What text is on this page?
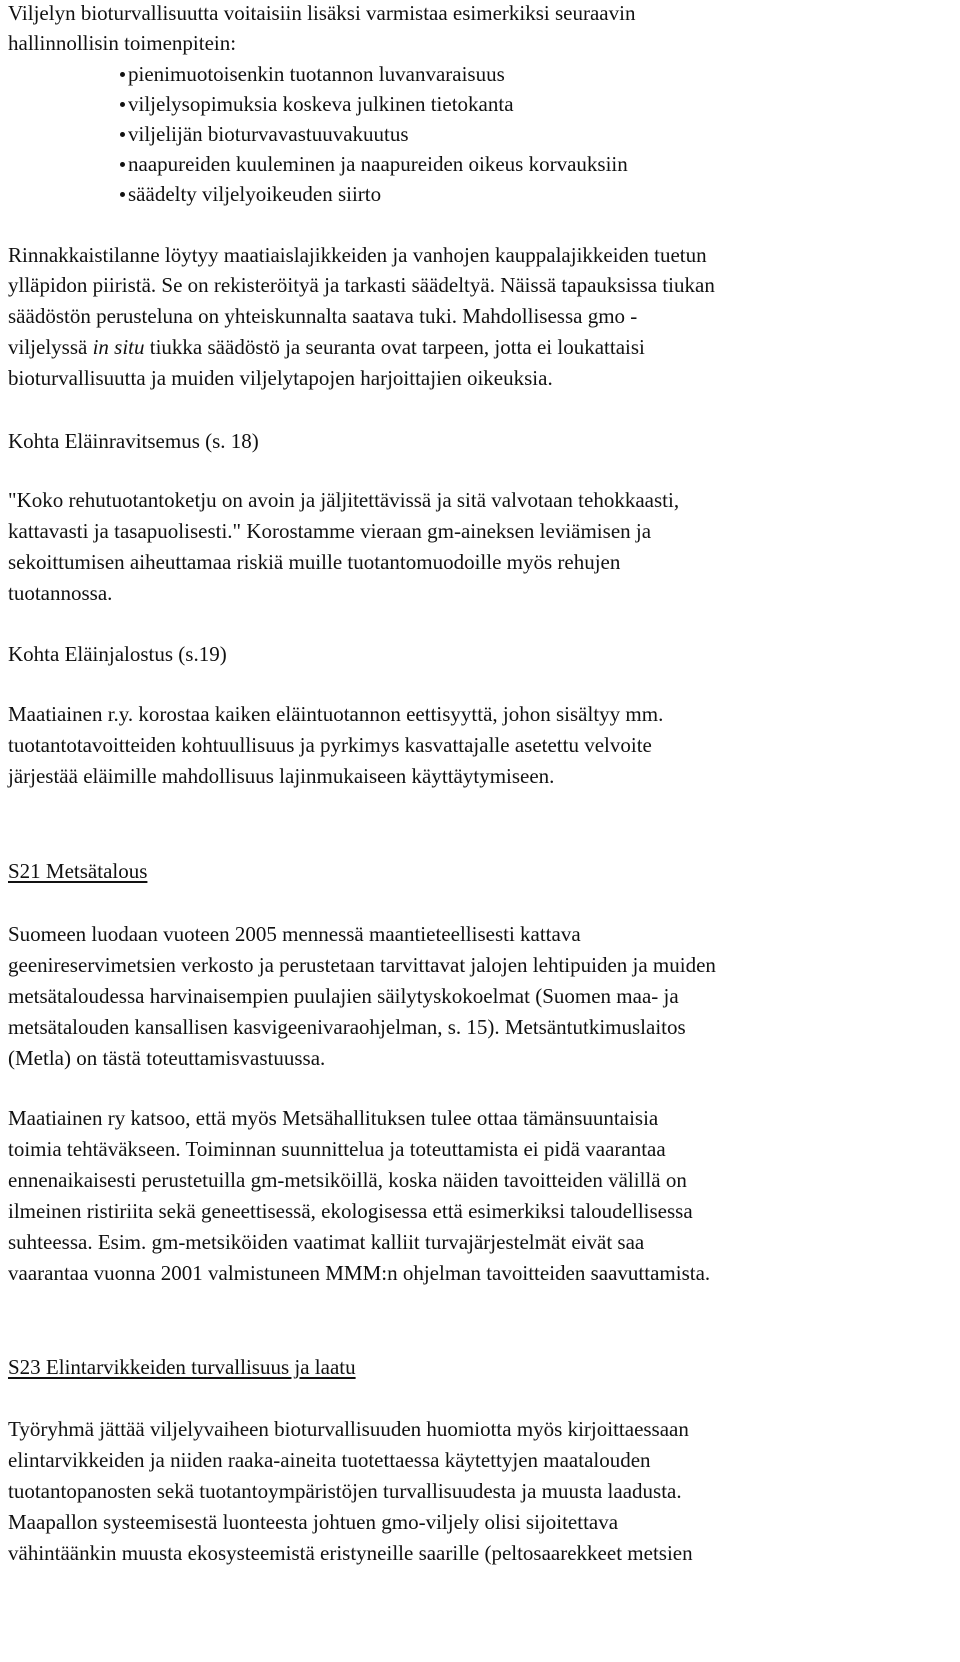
Viljelyn bioturvallisuutta voitaisiin lisäksi varmistaa esimerkiksi seuraavin
hallinnollisin toimenpitein:
pienimuotoisenkin tuotannon luvanvaraisuus
viljelysopimuksia koskeva julkinen tietokanta
viljelijän bioturvavastuuvakuutus
naapureiden kuuleminen ja naapureiden oikeus korvauksiin
säädelty viljelyoikeuden siirto
Rinnakkaistilanne löytyy maatiaislajikkeiden ja vanhojen kauppalajikkeiden tuetun
ylläpidon piiristä. Se on rekisteröityä ja tarkasti säädeltyä. Näissä tapauksissa tiukan
säädöstön perusteluna on yhteiskunnalta saatava tuki. Mahdollisessa gmo -
viljelyssä in situ tiukka säädöstö ja seuranta ovat tarpeen, jotta ei loukattaisi
bioturvallisuutta ja muiden viljelytapojen harjoittajien oikeuksia.
Kohta Eläinravitsemus (s. 18)
"Koko rehutuotantoketju on avoin ja jäljitettävissä ja sitä valvotaan tehokkaasti,
kattavasti ja tasapuolisesti." Korostamme vieraan gm-aineksen leviämisen ja
sekoittumisen aiheuttamaa riskiä muille tuotantomuodoille myös rehujen
tuotannossa.
Kohta Eläinjalostus (s.19)
Maatiainen r.y. korostaa kaiken eläintuotannon eettisyyttä, johon sisältyy mm.
tuotantotavoitteiden kohtuullisuus ja pyrkimys kasvattajalle asetettu velvoite
järjestää eläimille mahdollisuus lajinmukaiseen käyttäytymiseen.
S21 Metsätalous
Suomeen luodaan vuoteen 2005 mennessä maantieteellisesti kattava
geenireservimetsien verkosto ja perustetaan tarvittavat jalojen lehtipuiden ja muiden
metsätaloudessa harvinaisempien puulajien säilytyskokoelmat (Suomen maa- ja
metsätalouden kansallisen kasvigeenivaraohjelman, s. 15). Metsäntutkimuslaitos
(Metla) on tästä toteuttamisvastuussa.
Maatiainen ry katsoo, että myös Metsähallituksen tulee ottaa tämänsuuntaisia
toimia tehtäväkseen. Toiminnan suunnittelua ja toteuttamista ei pidä vaarantaa
ennenaikaisesti perustetuilla gm-metsiköillä, koska näiden tavoitteiden välillä on
ilmeinen ristiriita sekä geneettisessä, ekologisessa että esimerkiksi taloudellisessa
suhteessa. Esim. gm-metsiköiden vaatimat kalliit turvajärjestelmät eivät saa
vaarantaa vuonna 2001 valmistuneen MMM:n ohjelman tavoitteiden saavuttamista.
S23 Elintarvikkeiden turvallisuus ja laatu
Työryhmä jättää viljelyvaiheen bioturvallisuuden huomiotta myös kirjoittaessaan
elintarvikkeiden ja niiden raaka-aineita tuotettaessa käytettyjen maatalouden
tuotantopanosten sekä tuotantoympäristöjen turvallisuudesta ja muusta laadusta.
Maapallon systeemisestä luonteesta johtuen gmo-viljely olisi sijoitettava
vähintäänkin muusta ekosysteemistä eristyneille saarille (peltosaarekkeet metsien
